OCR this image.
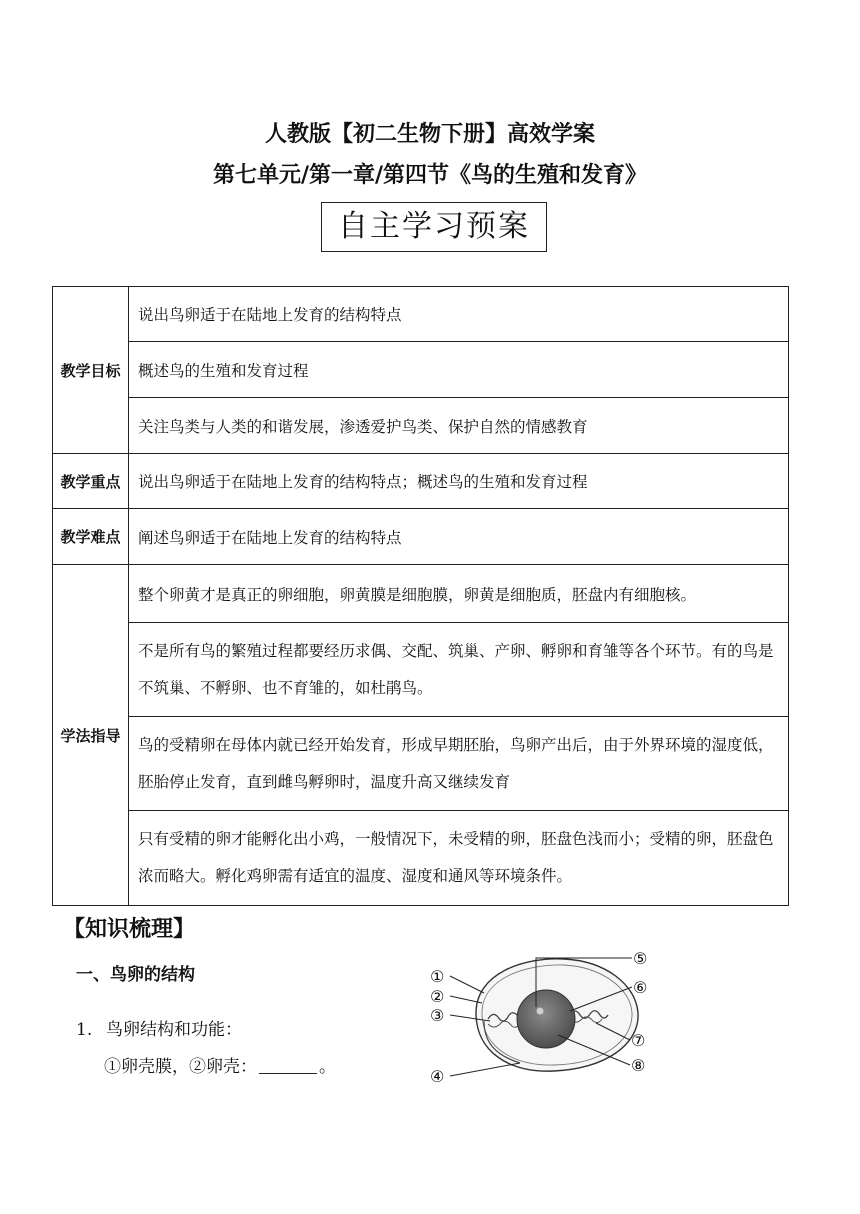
人教版【初二生物下册】高效学案
第七单元/第一章/第四节《鸟的生殖和发育》
自主学习预案
教学目标	说出鸟卵适于在陆地上发育的结构特点
	概述鸟的生殖和发育过程
	关注鸟类与人类的和谐发展，渗透爱护鸟类、保护自然的情感教育
教学重点	说出鸟卵适于在陆地上发育的结构特点；概述鸟的生殖和发育过程
教学难点	阐述鸟卵适于在陆地上发育的结构特点
学法指导	整个卵黄才是真正的卵细胞，卵黄膜是细胞膜，卵黄是细胞质，胚盘内有细胞核。
	不是所有鸟的繁殖过程都要经历求偶、交配、筑巢、产卵、孵卵和育雏等各个环节。有的鸟是不筑巢、不孵卵、也不育雏的，如杜鹃鸟。
	鸟的受精卵在母体内就已经开始发育，形成早期胚胎，鸟卵产出后，由于外界环境的湿度低，胚胎停止发育，直到雌鸟孵卵时，温度升高又继续发育
	只有受精的卵才能孵化出小鸡，一般情况下，未受精的卵，胚盘色浅而小；受精的卵，胚盘色浓而略大。孵化鸡卵需有适宜的温度、湿度和通风等环境条件。
【知识梳理】
一、鸟卵的结构
1. 鸟卵结构和功能：
①卵壳膜，②卵壳：	。
①
②
③
④
⑤
⑥
⑦
⑧
